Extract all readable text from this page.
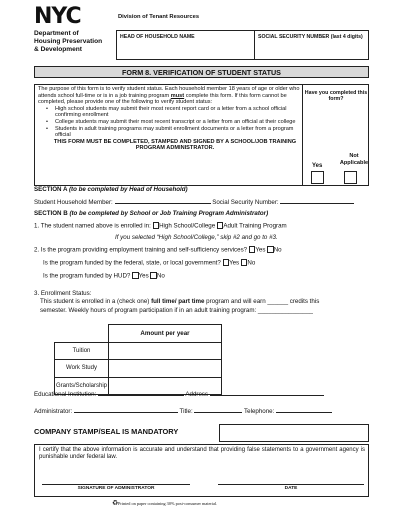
NYC
Department of
Housing Preservation
& Development
Division of Tenant Resources
HEAD OF HOUSEHOLD NAME	SOCIAL SECURITY NUMBER (last 4 digits)
FORM 8. VERIFICATION OF STUDENT STATUS
The purpose of this form is to verify student status. Each household member 18 years of age or older who attends school full-time or is in a job training program must complete this form. If this form cannot be completed, please provide one of the following to verify student status:
• High school students may submit their most recent report card or a letter from a school official confirming enrollment
• College students may submit their most recent transcript or a letter from an official at their college
• Students in adult training programs may submit enrollment documents or a letter from a program official
THIS FORM MUST BE COMPLETED, STAMPED AND SIGNED BY A SCHOOL/JOB TRAINING PROGRAM ADMINISTRATOR.
Have you completed this form?
Not Applicable
Yes
SECTION A (to be completed by Head of Household)
Student Household Member:	Social Security Number:
SECTION B (to be completed by School or Job Training Program Administrator)
1. The student named above is enrolled in: High School/College Adult Training Program
If you selected “High School/College,” skip #2 and go to #3.
2. Is the program providing employment training and self-sufficiency services? Yes No
Is the program funded by the federal, state, or local government? Yes No
Is the program funded by HUD? Yes No
3. Enrollment Status:
This student is enrolled in a (check one) full time/ part time program and will earn ______ credits this
semester. Weekly hours of program participation if in an adult training program: ________________
	Amount per year
Tuition	
Work Study	
Grants/Scholarship	
Educational Institution:	Address
Administrator:	Title:	Telephone:
COMPANY STAMP/SEAL IS MANDATORY
I certify that the above information is accurate and understand that providing false statements to a government agency is punishable under federal law.
SIGNATURE OF ADMINISTRATOR	DATE
♻ Printed on paper containing 30% post-consumer material.
